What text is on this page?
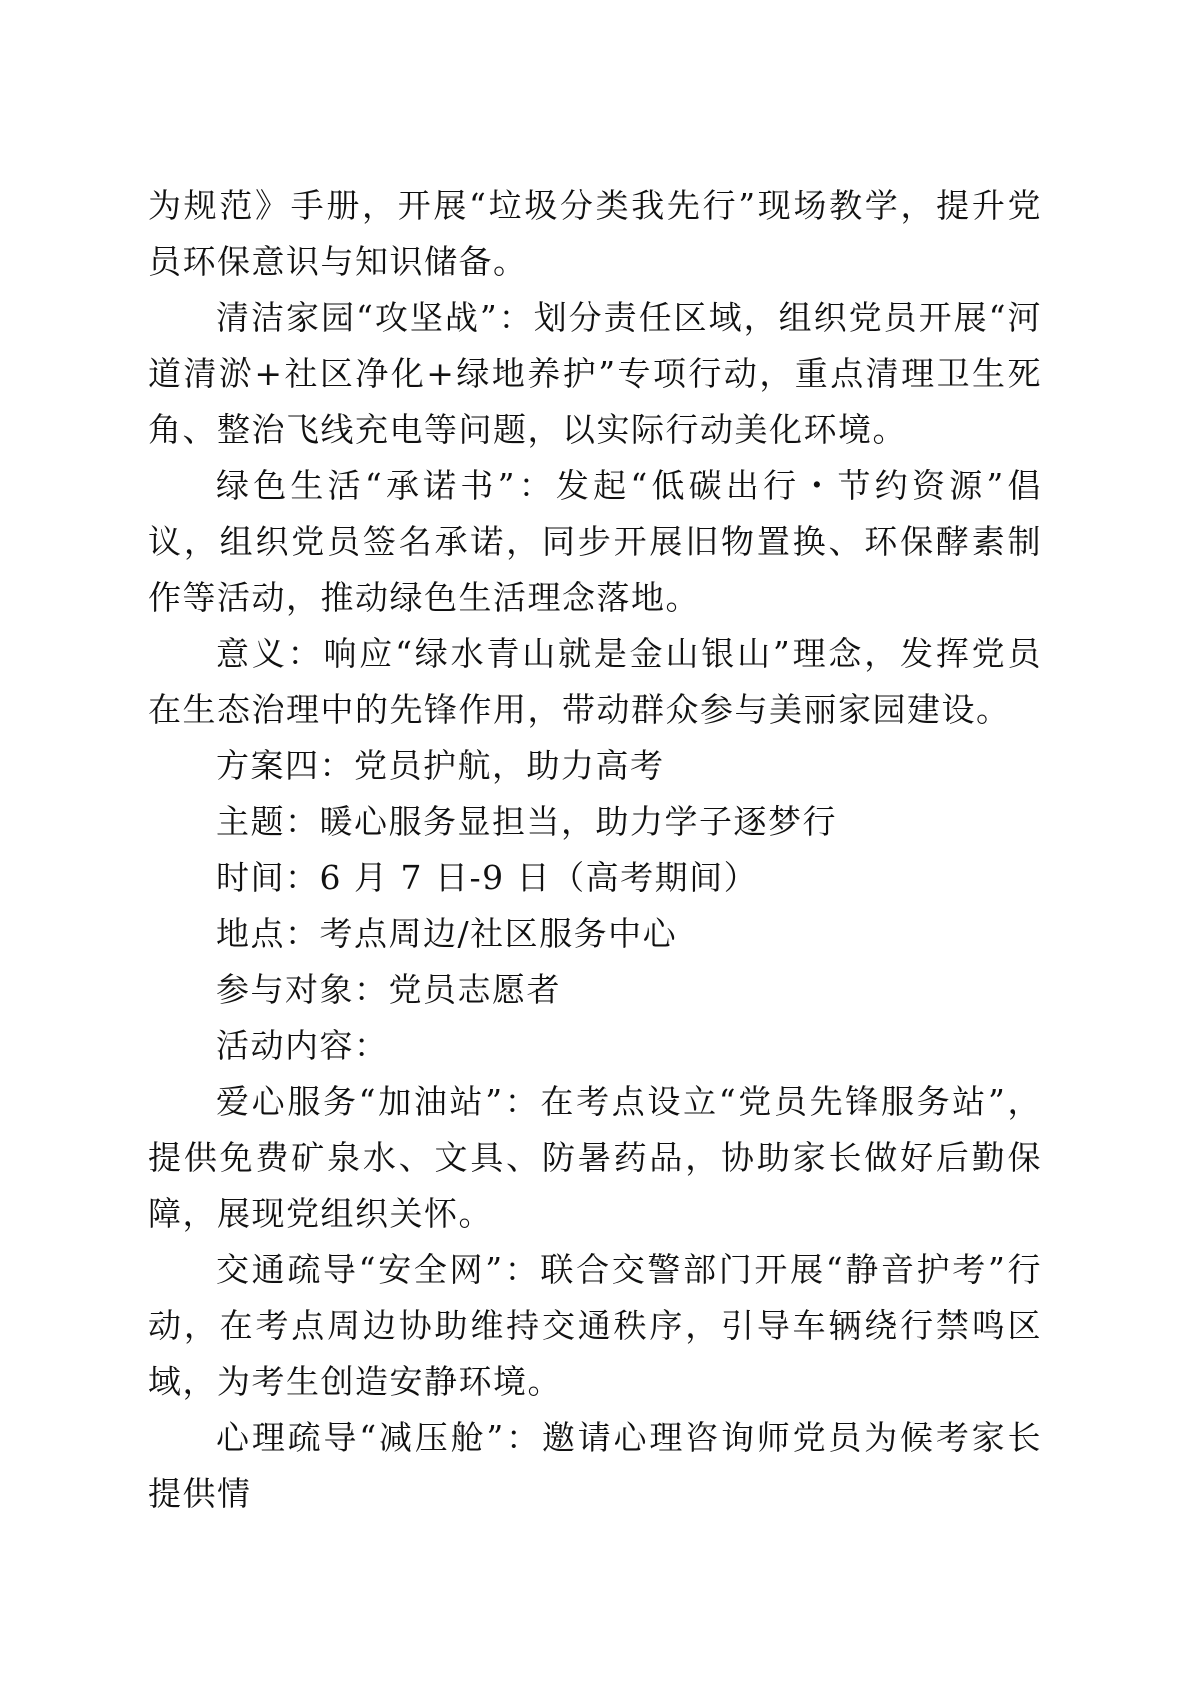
为规范》手册，开展“垃圾分类我先行”现场教学，提升党员环保意识与知识储备。

清洁家园“攻坚战”：划分责任区域，组织党员开展“河道清淤+社区净化+绿地养护”专项行动，重点清理卫生死角、整治飞线充电等问题，以实际行动美化环境。

绿色生活“承诺书”：发起“低碳出行・节约资源”倡议，组织党员签名承诺，同步开展旧物置换、环保酵素制作等活动，推动绿色生活理念落地。

意义：响应“绿水青山就是金山银山”理念，发挥党员在生态治理中的先锋作用，带动群众参与美丽家园建设。

方案四：党员护航，助力高考

主题：暖心服务显担当，助力学子逐梦行

时间：6 月 7 日-9 日（高考期间）

地点：考点周边/社区服务中心

参与对象：党员志愿者

活动内容：

爱心服务“加油站”：在考点设立“党员先锋服务站”，提供免费矿泉水、文具、防暑药品，协助家长做好后勤保障，展现党组织关怀。

交通疏导“安全网”：联合交警部门开展“静音护考”行动，在考点周边协助维持交通秩序，引导车辆绕行禁鸣区域，为考生创造安静环境。

心理疏导“减压舱”：邀请心理咨询师党员为候考家长提供情
